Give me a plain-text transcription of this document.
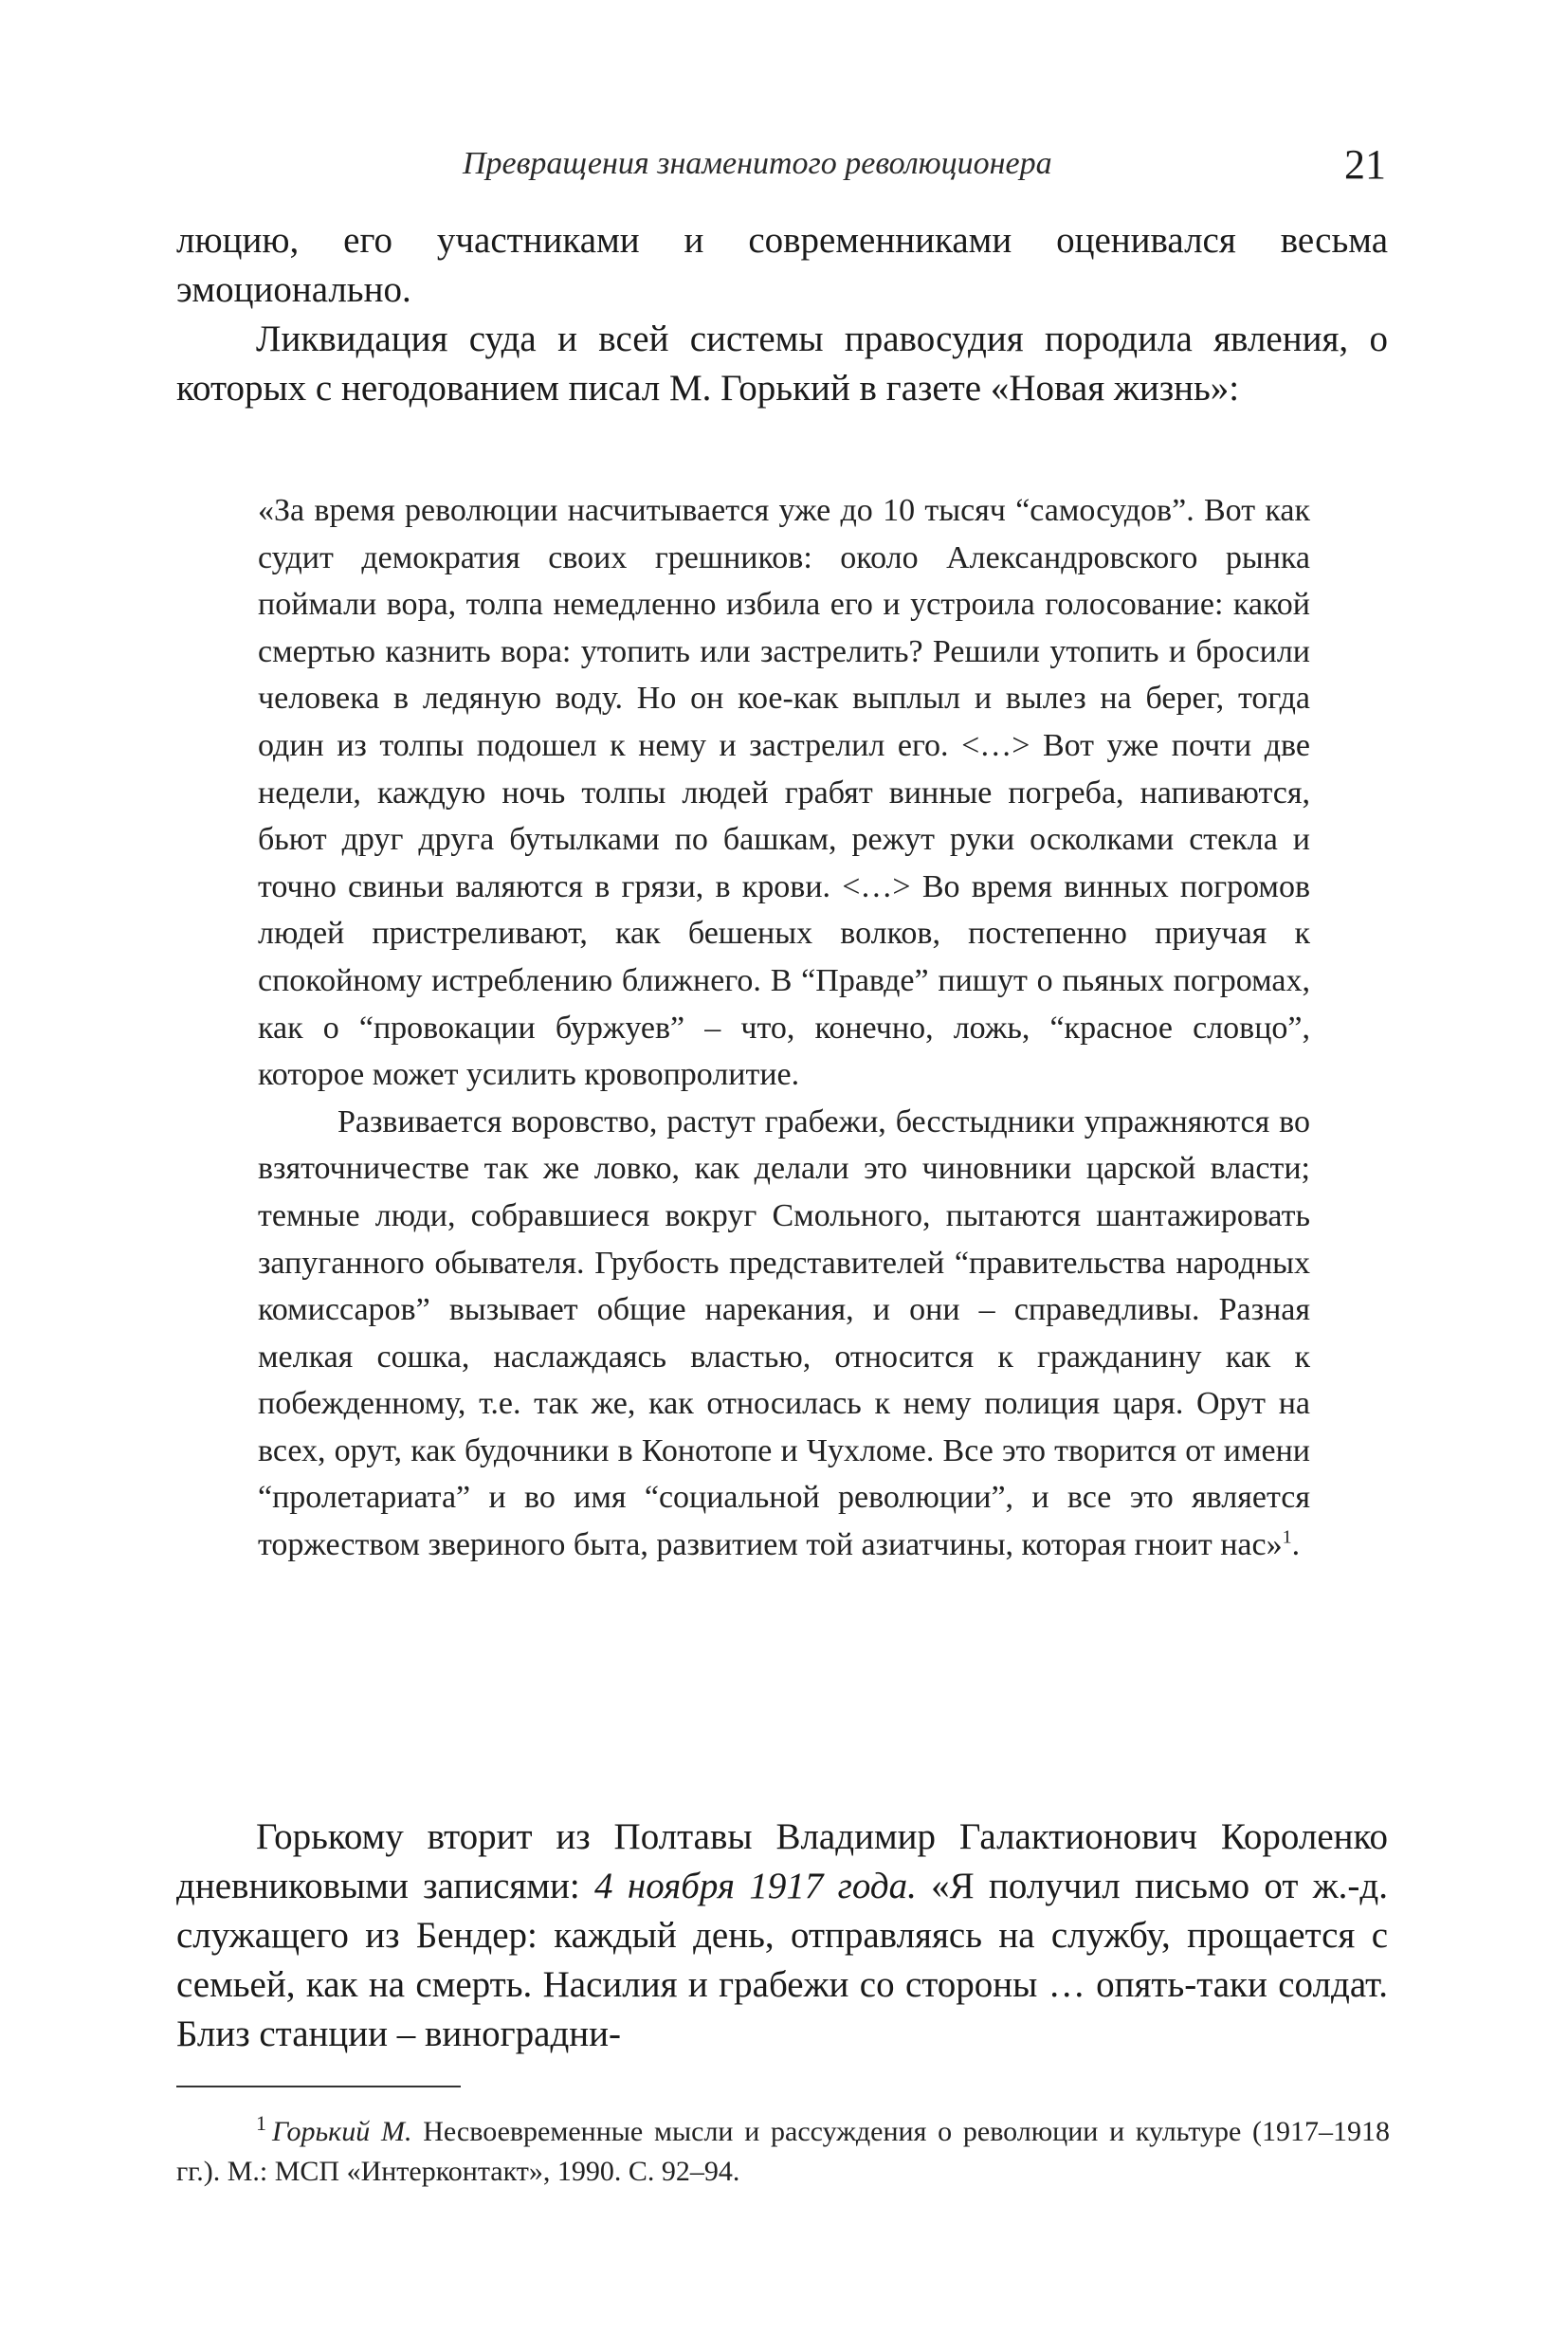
Превращения знаменитого революционера	21

люцию, его участниками и современниками оценивался весьма эмоционально.

Ликвидация суда и всей системы правосудия породила явления, о которых с негодованием писал М. Горький в газете «Новая жизнь»:

«За время революции насчитывается уже до 10 тысяч “самосудов”. Вот как судит демократия своих грешников: около Александровского рынка поймали вора, толпа немедленно избила его и устроила голосование: какой смертью казнить вора: утопить или застрелить? Решили утопить и бросили человека в ледяную воду. Но он кое-как выплыл и вылез на берег, тогда один из толпы подошел к нему и застрелил его. <…> Вот уже почти две недели, каждую ночь толпы людей грабят винные погреба, напиваются, бьют друг друга бутылками по башкам, режут руки осколками стекла и точно свиньи валяются в грязи, в крови. <…> Во время винных погромов людей пристреливают, как бешеных волков, постепенно приучая к спокойному истреблению ближнего. В “Правде” пишут о пьяных погромах, как о “провокации буржуев” – что, конечно, ложь, “красное словцо”, которое может усилить кровопролитие.

Развивается воровство, растут грабежи, бесстыдники упражняются во взяточничестве так же ловко, как делали это чиновники царской власти; темные люди, собравшиеся вокруг Смольного, пытаются шантажировать запуганного обывателя. Грубость представителей “правительства народных комиссаров” вызывает общие нарекания, и они – справедливы. Разная мелкая сошка, наслаждаясь властью, относится к гражданину как к побежденному, т.е. так же, как относилась к нему полиция царя. Орут на всех, орут, как будочники в Конотопе и Чухломе. Все это творится от имени “пролетариата” и во имя “социальной революции”, и все это является торжеством звериного быта, развитием той азиатчины, которая гноит нас»$^1$.

Горькому вторит из Полтавы Владимир Галактионович Короленко дневниковыми записями: 4 ноября 1917 года. «Я получил письмо от ж.-д. служащего из Бендер: каждый день, отправляясь на службу, прощается с семьей, как на смерть. Насилия и грабежи со стороны … опять-таки солдат. Близ станции – виноградни-

$^1$ Горький М. Несвоевременные мысли и рассуждения о революции и культуре (1917–1918 гг.). М.: МСП «Интерконтакт», 1990. С. 92–94.
